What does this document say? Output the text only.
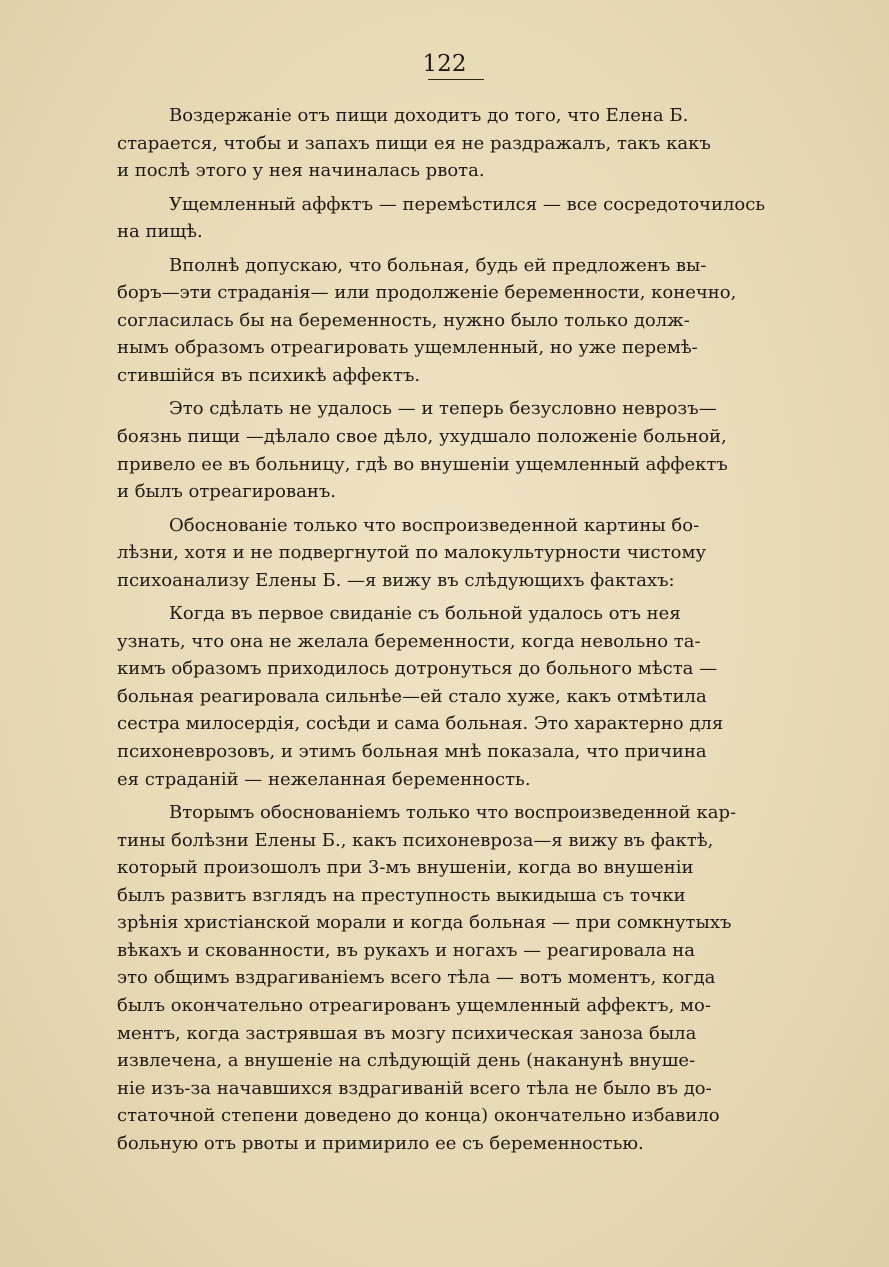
122
Воздержаніе отъ пищи доходитъ до того, что Елена Б.
старается, чтобы и запахъ пищи ея не раздражалъ, такъ какъ
и послѣ этого у нея начиналась рвота.
Ущемленный аффктъ — перемѣстился — все сосредоточилось
на пищѣ.
Вполнѣ допускаю, что больная, будь ей предложенъ вы-
боръ—эти страданія— или продолженіе беременности, конечно,
согласилась бы на беременность, нужно было только долж-
нымъ образомъ отреагировать ущемленный, но уже перемѣ-
стившійся въ психикѣ аффектъ.
Это сдѣлать не удалось — и теперь безусловно неврозъ—
боязнь пищи —дѣлало свое дѣло, ухудшало положеніе больной,
привело ее въ больницу, гдѣ во внушеніи ущемленный аффектъ
и былъ отреагированъ.
Обоснованіе только что воспроизведенной картины бо-
лѣзни, хотя и не подвергнутой по малокультурности чистому
психоанализу Елены Б. —я вижу въ слѣдующихъ фактахъ:
Когда въ первое свиданіе съ больной удалось отъ нея
узнать, что она не желала беременности, когда невольно та-
кимъ образомъ приходилось дотронуться до больного мѣста —
больная реагировала сильнѣе—ей стало хуже, какъ отмѣтила
сестра милосердія, сосѣди и сама больная. Это характерно для
психоневрозовъ, и этимъ больная мнѣ показала, что причина
ея страданій — нежеланная беременность.
Вторымъ обоснованіемъ только что воспроизведенной кар-
тины болѣзни Елены Б., какъ психоневроза—я вижу въ фактѣ,
который произошолъ при 3-мъ внушеніи, когда во внушеніи
былъ развитъ взглядъ на преступность выкидыша съ точки
зрѣнія христіанской морали и когда больная — при сомкнутыхъ
вѣкахъ и скованности, въ рукахъ и ногахъ — реагировала на
это общимъ вздрагиваніемъ всего тѣла — вотъ моментъ, когда
былъ окончательно отреагированъ ущемленный аффектъ, мо-
ментъ, когда застрявшая въ мозгу психическая заноза была
извлечена, а внушеніе на слѣдующій день (наканунѣ внуше-
ніе изъ-за начавшихся вздрагиваній всего тѣла не было въ до-
статочной степени доведено до конца) окончательно избавило
больную отъ рвоты и примирило ее съ беременностью.
